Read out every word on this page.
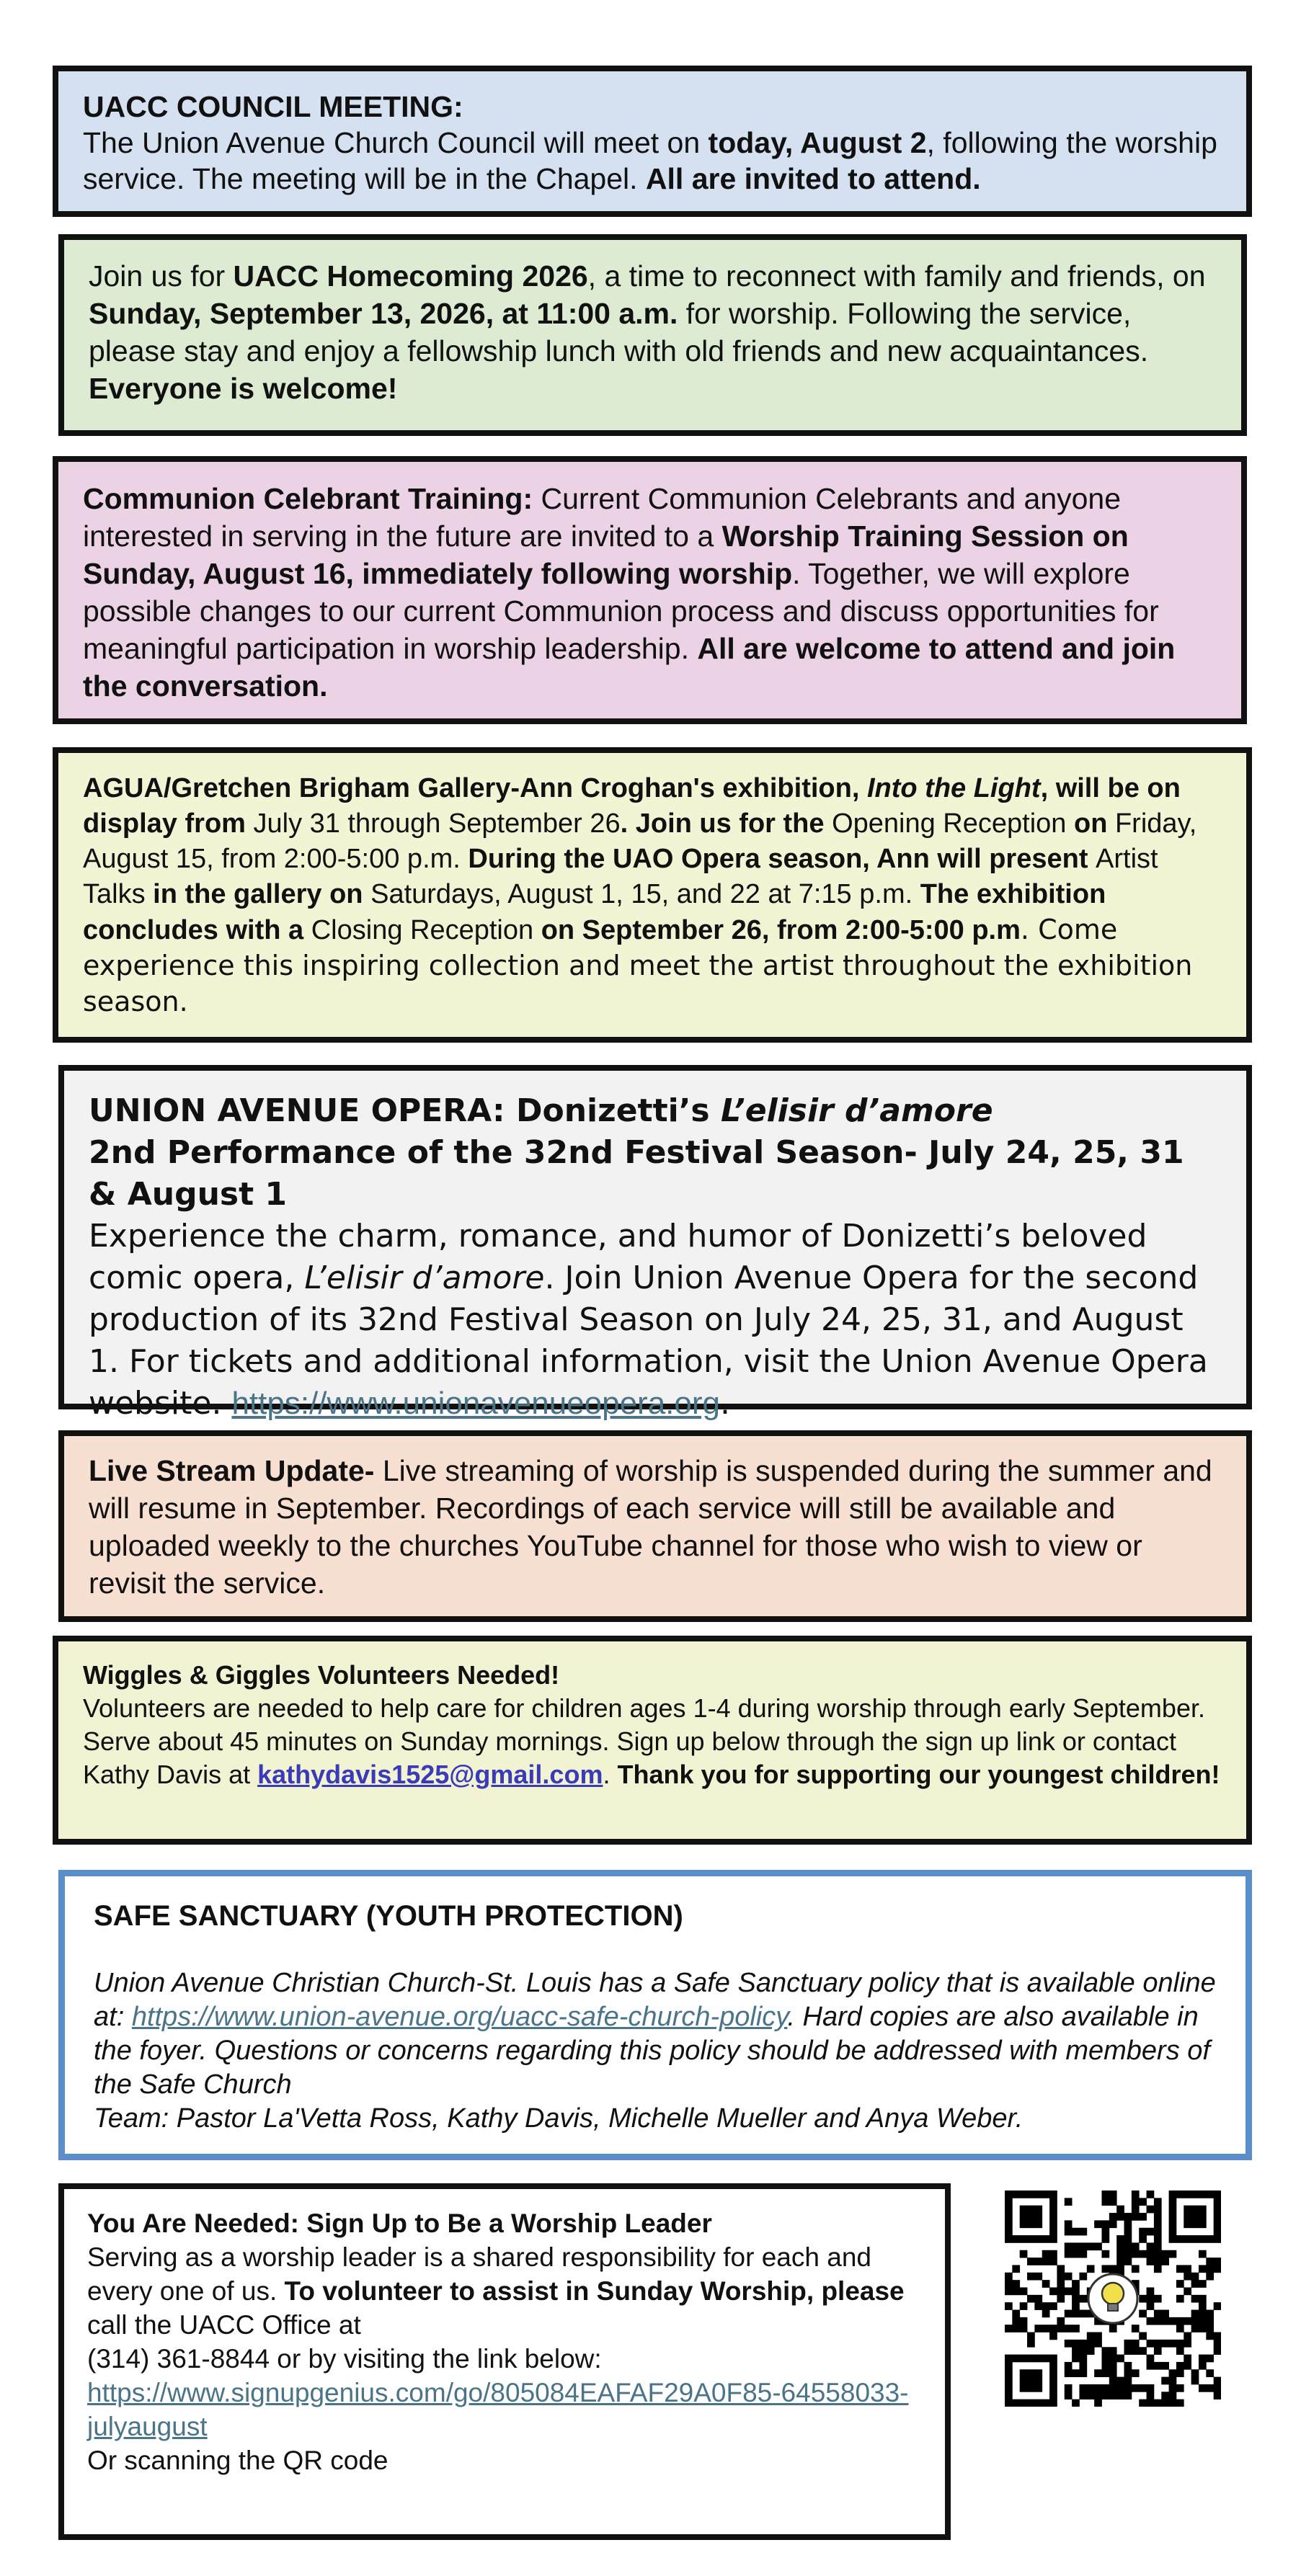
UACC COUNCIL MEETING:
The Union Avenue Church Council will meet on today, August 2, following the worship service. The meeting will be in the Chapel. All are invited to attend.

Join us for UACC Homecoming 2026, a time to reconnect with family and friends, on Sunday, September 13, 2026, at 11:00 a.m. for worship. Following the service, please stay and enjoy a fellowship lunch with old friends and new acquaintances. Everyone is welcome!

Communion Celebrant Training: Current Communion Celebrants and anyone interested in serving in the future are invited to a Worship Training Session on Sunday, August 16, immediately following worship. Together, we will explore possible changes to our current Communion process and discuss opportunities for meaningful participation in worship leadership. All are welcome to attend and join the conversation.

AGUA/Gretchen Brigham Gallery-Ann Croghan's exhibition, Into the Light, will be on display from July 31 through September 26. Join us for the Opening Reception on Friday, August 15, from 2:00-5:00 p.m. During the UAO Opera season, Ann will present Artist Talks in the gallery on Saturdays, August 1, 15, and 22 at 7:15 p.m. The exhibition concludes with a Closing Reception on September 26, from 2:00-5:00 p.m. Come experience this inspiring collection and meet the artist throughout the exhibition season.

UNION AVENUE OPERA: Donizetti’s L’elisir d’amore
2nd Performance of the 32nd Festival Season- July 24, 25, 31 & August 1
Experience the charm, romance, and humor of Donizetti’s beloved comic opera, L’elisir d’amore. Join Union Avenue Opera for the second production of its 32nd Festival Season on July 24, 25, 31, and August 1. For tickets and additional information, visit the Union Avenue Opera website. https://www.unionavenueopera.org.

Live Stream Update- Live streaming of worship is suspended during the summer and will resume in September. Recordings of each service will still be available and uploaded weekly to the churches YouTube channel for those who wish to view or revisit the service.

Wiggles & Giggles Volunteers Needed!
Volunteers are needed to help care for children ages 1-4 during worship through early September. Serve about 45 minutes on Sunday mornings. Sign up below through the sign up link or contact Kathy Davis at kathydavis1525@gmail.com. Thank you for supporting our youngest children!

SAFE SANCTUARY (YOUTH PROTECTION)

Union Avenue Christian Church-St. Louis has a Safe Sanctuary policy that is available online at: https://www.union-avenue.org/uacc-safe-church-policy. Hard copies are also available in the foyer. Questions or concerns regarding this policy should be addressed with members of the Safe Church

Team: Pastor La'Vetta Ross, Kathy Davis, Michelle Mueller and Anya Weber.

You Are Needed: Sign Up to Be a Worship Leader
Serving as a worship leader is a shared responsibility for each and every one of us. To volunteer to assist in Sunday Worship, please call the UACC Office at
(314) 361-8844 or by visiting the link below:
https://www.signupgenius.com/go/805084EAFAF29A0F85-64558033-julyaugust
Or scanning the QR code
